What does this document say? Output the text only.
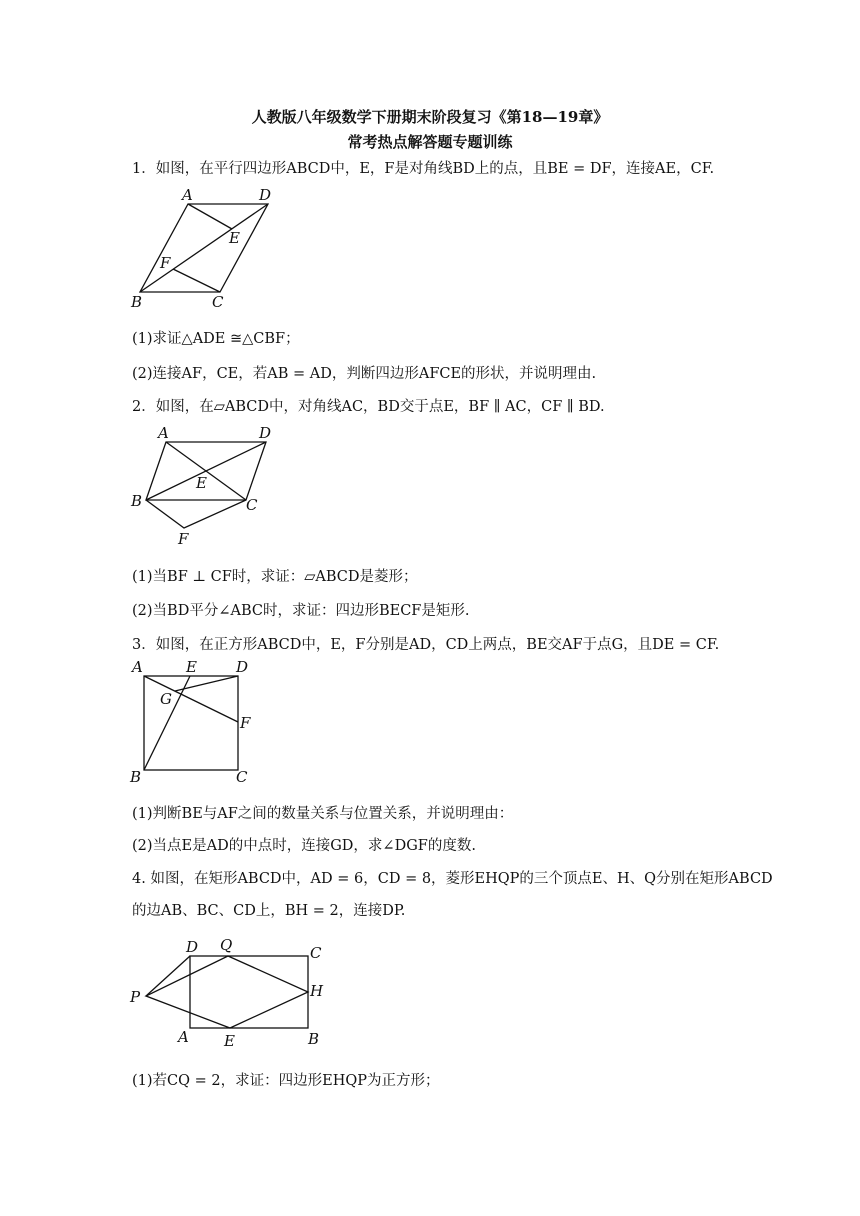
人教版八年级数学下册期末阶段复习《第18—19章》
常考热点解答题专题训练
1．如图，在平行四边形ABCD中，E，F是对角线BD上的点，且BE = DF，连接AE，CF.
A	D
E
F
B	C
(1)求证△ADE ≅△CBF；
(2)连接AF，CE，若AB = AD，判断四边形AFCE的形状，并说明理由.
2．如图，在▱ABCD中，对角线AC，BD交于点E，BF ∥ AC，CF ∥ BD.
A	D
E
B	C
F
(1)当BF ⊥ CF时，求证：▱ABCD是菱形；
(2)当BD平分∠ABC时，求证：四边形BECF是矩形.
3．如图，在正方形ABCD中，E，F分别是AD，CD上两点，BE交AF于点G，且DE = CF.
A	E	D
G
F
B	C
(1)判断BE与AF之间的数量关系与位置关系，并说明理由：
(2)当点E是AD的中点时，连接GD，求∠DGF的度数.
4. 如图，在矩形ABCD中，AD = 6，CD = 8，菱形EHQP的三个顶点E、H、Q分别在矩形ABCD
的边AB、BC、CD上，BH = 2，连接DP.
D Q	C
P	H
A E	B
(1)若CQ = 2，求证：四边形EHQP为正方形；
